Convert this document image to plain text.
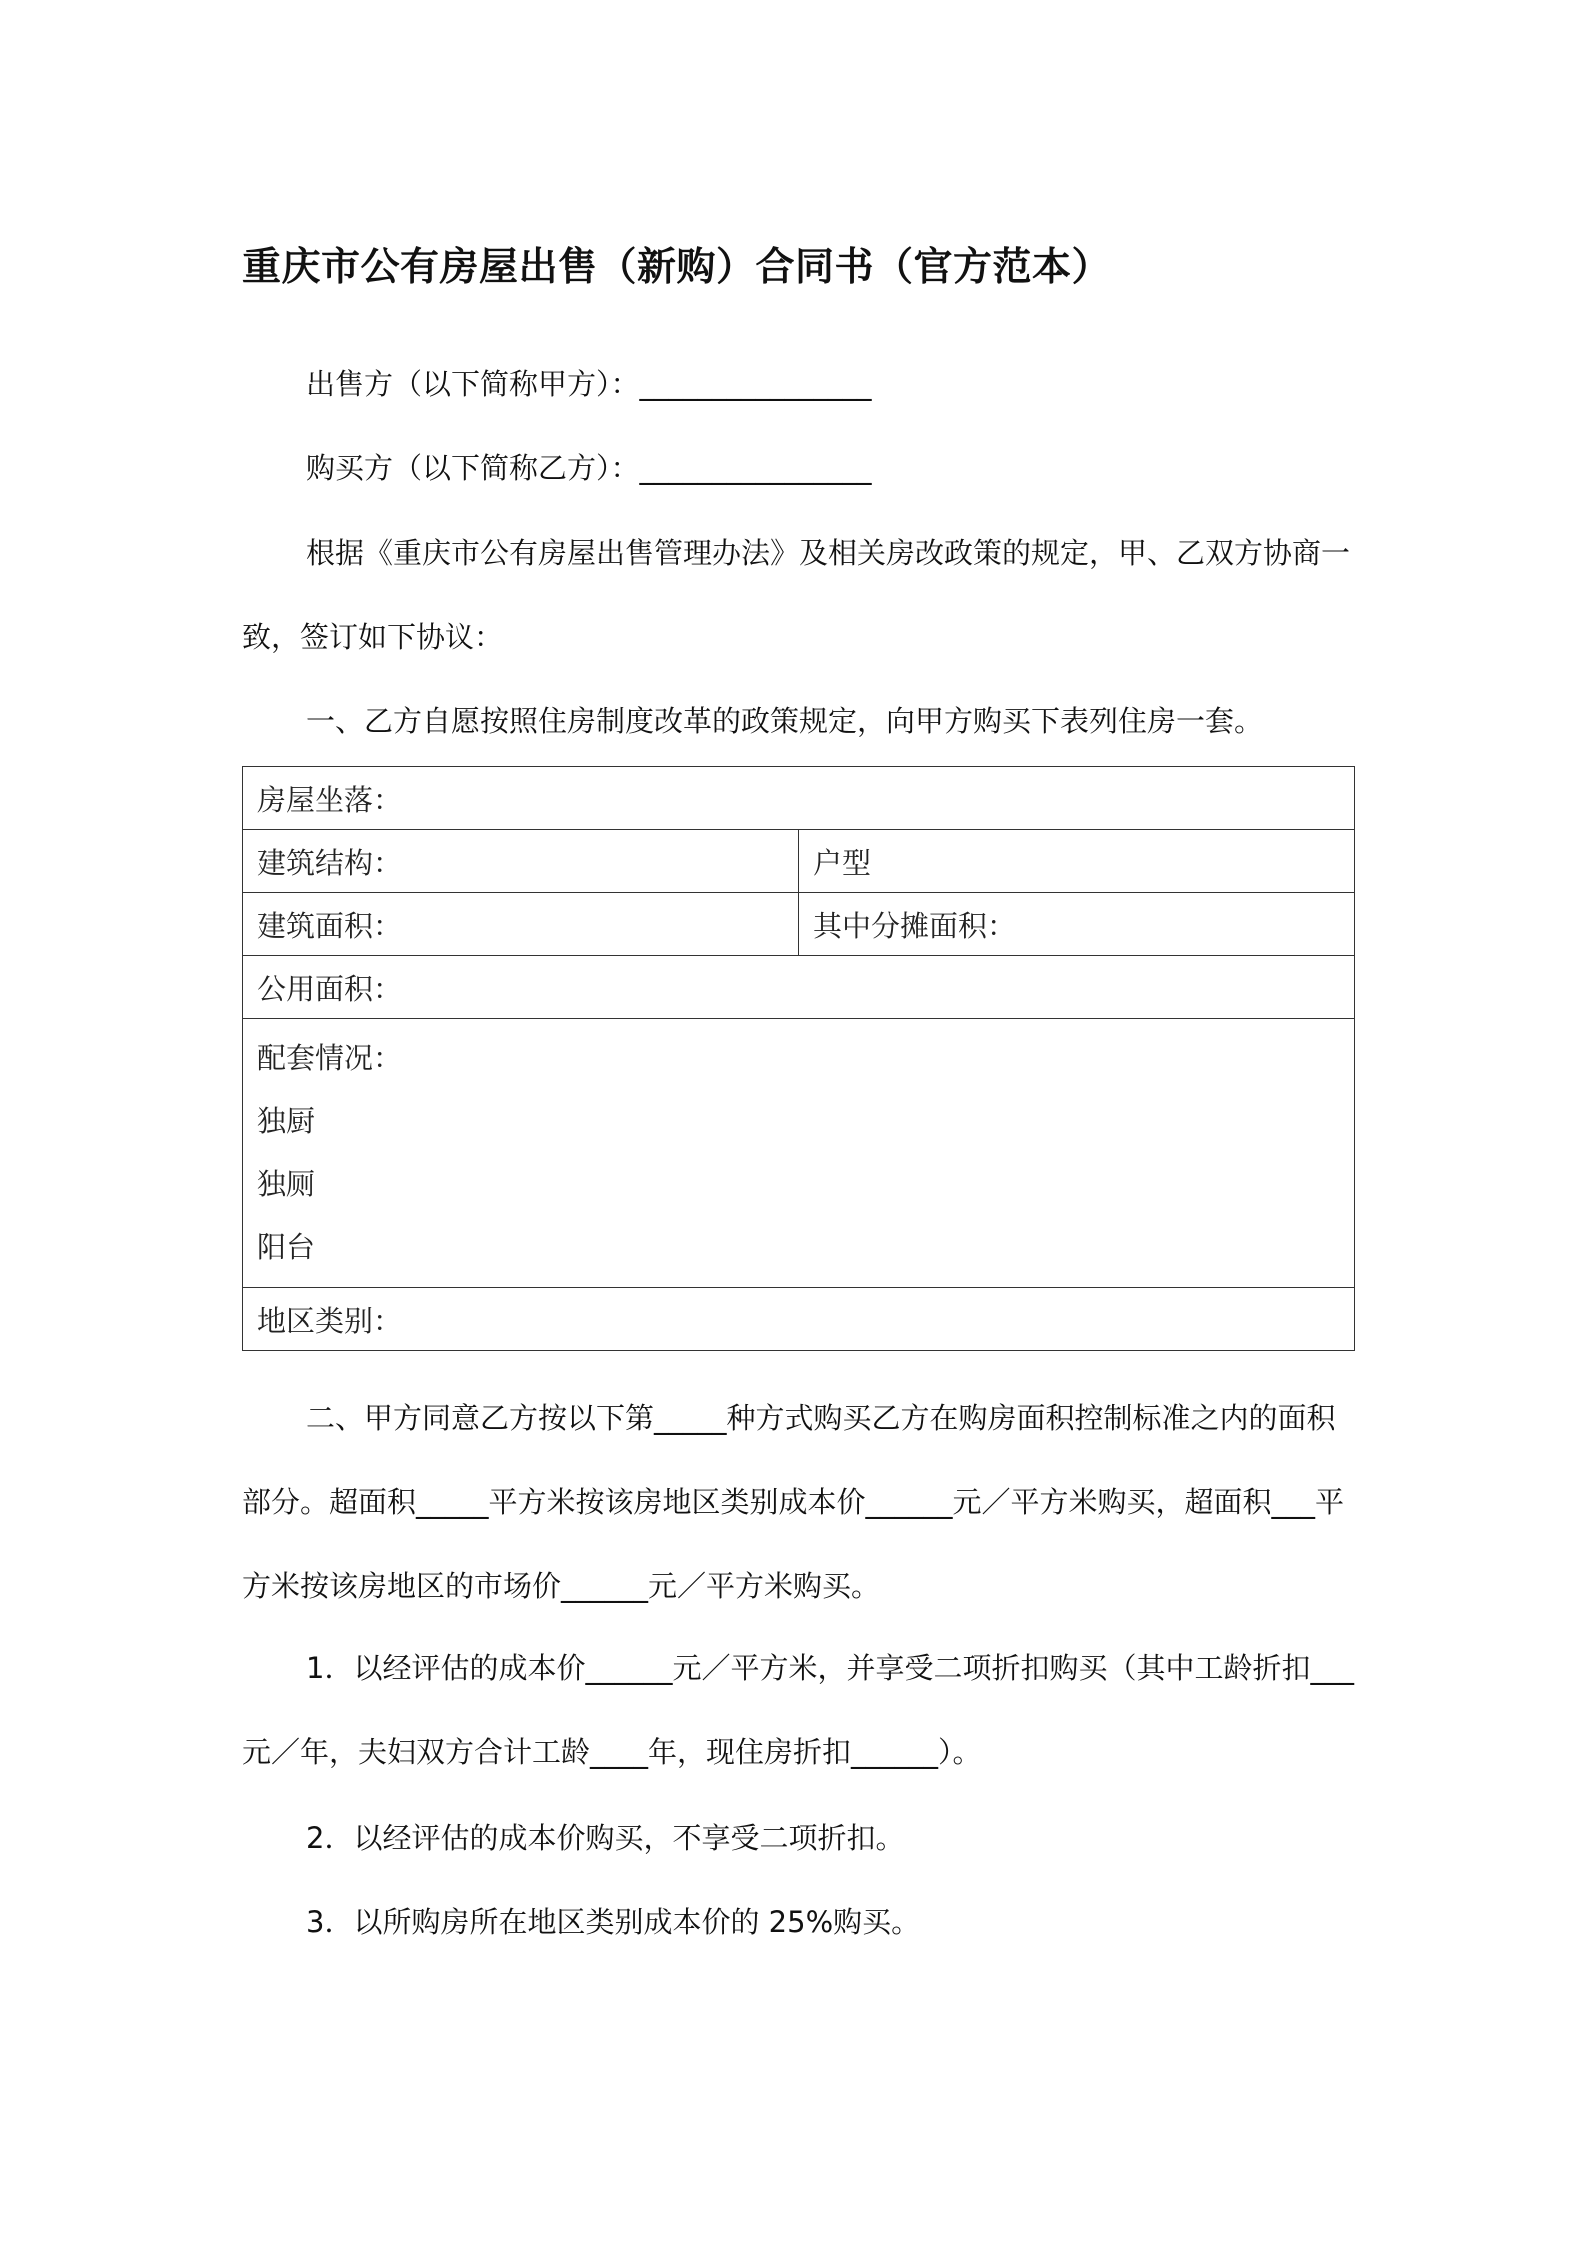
重庆市公有房屋出售（新购）合同书（官方范本）
出售方（以下简称甲方）：________________
购买方（以下简称乙方）：________________
根据《重庆市公有房屋出售管理办法》及相关房改政策的规定，甲、乙双方协商一致，签订如下协议：
一、乙方自愿按照住房制度改革的政策规定，向甲方购买下表列住房一套。
房屋坐落：	
建筑结构：	户型
建筑面积：	其中分摊面积：
公用面积：	

配套情况：
独厨
独厕
阳台	

地区类别：	
二、甲方同意乙方按以下第_____种方式购买乙方在购房面积控制标准之内的面积部分。超面积_____平方米按该房地区类别成本价______元／平方米购买，超面积___平方米按该房地区的市场价______元／平方米购买。
1．以经评估的成本价______元／平方米，并享受二项折扣购买（其中工龄折扣___元／年，夫妇双方合计工龄____年，现住房折扣______）。
2．以经评估的成本价购买，不享受二项折扣。
3．以所购房所在地区类别成本价的 25%购买。
